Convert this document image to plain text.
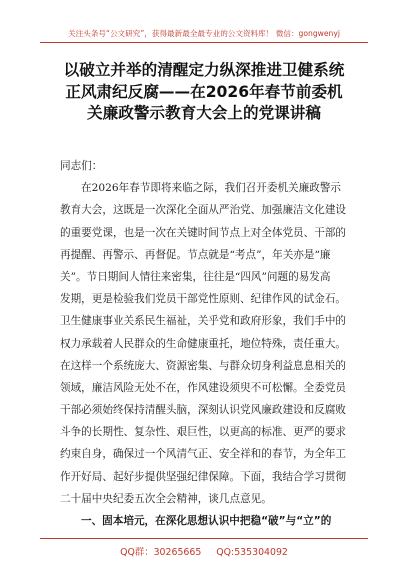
关注头条号“公文研究”，获得最新最全最专业的公文资料库！ 微信：gongwenyj
以破立并举的清醒定力纵深推进卫健系统
正风肃纪反腐——在2026年春节前委机
关廉政警示教育大会上的党课讲稿
同志们：
在2026年春节即将来临之际，我们召开委机关廉政警示
教育大会，这既是一次深化全面从严治党、加强廉洁文化建设
的重要党课，也是一次在关键时间节点上对全体党员、干部的
再提醒、再警示、再督促。节点就是“考点”，年关亦是“廉
关”。节日期间人情往来密集，往往是“四风”问题的易发高
发期，更是检验我们党员干部党性原则、纪律作风的试金石。
卫生健康事业关系民生福祉，关乎党和政府形象，我们手中的
权力承载着人民群众的生命健康重托，地位特殊，责任重大。
在这样一个系统庞大、资源密集、与群众切身利益息息相关的
领域，廉洁风险无处不在，作风建设须臾不可松懈。全委党员
干部必须始终保持清醒头脑，深刻认识党风廉政建设和反腐败
斗争的长期性、复杂性、艰巨性，以更高的标准、更严的要求
约束自身，确保过一个风清气正、安全祥和的春节，为全年工
作开好局、起好步提供坚强纪律保障。下面，我结合学习贯彻
二十届中央纪委五次全会精神，谈几点意见。
一、固本培元，在深化思想认识中把稳“破”与“立”的
QQ群：30265665 QQ:535304092
